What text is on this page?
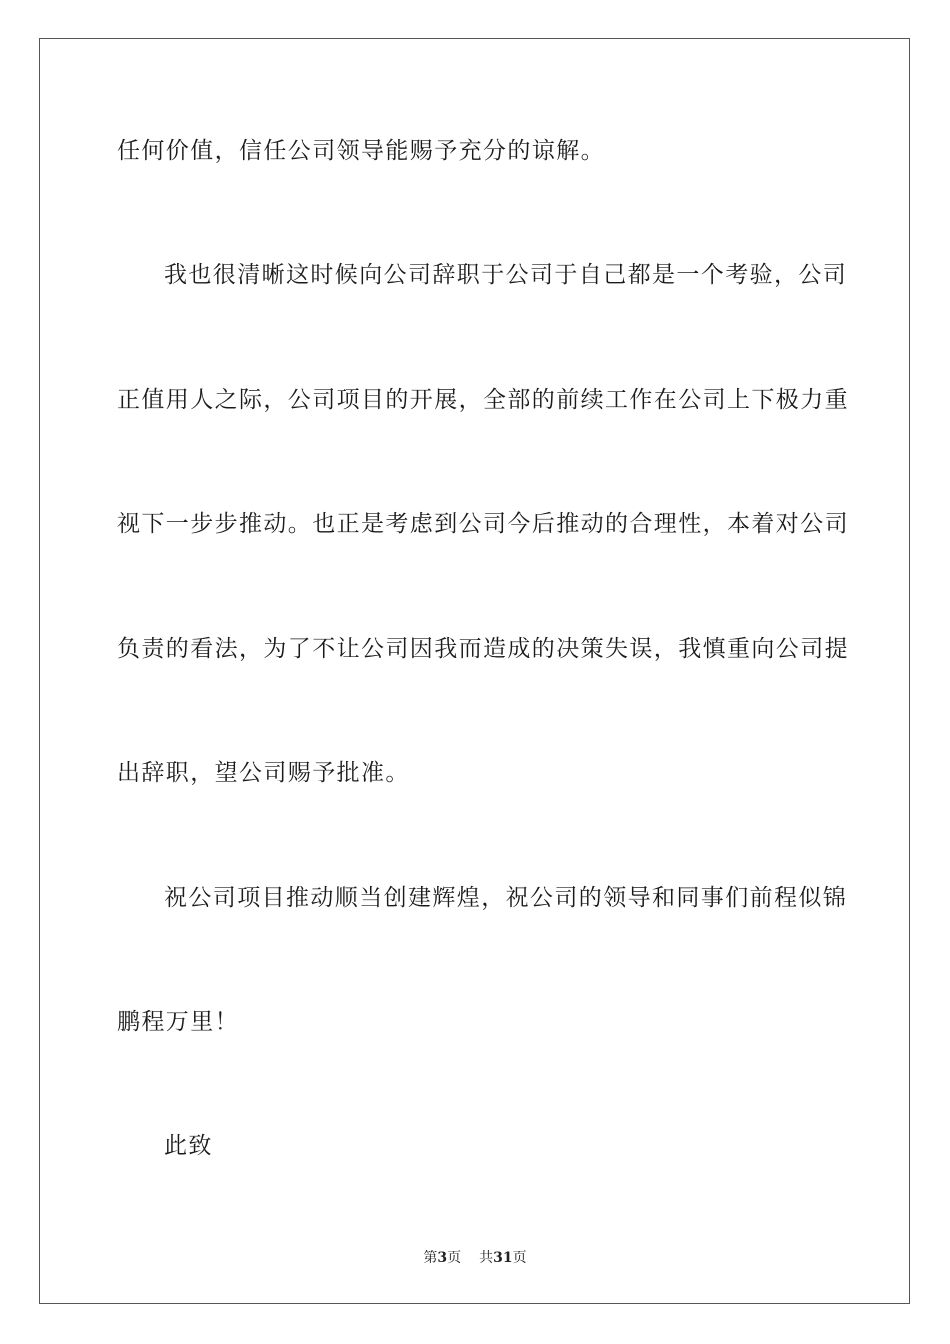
任何价值，信任公司领导能赐予充分的谅解。
我也很清晰这时候向公司辞职于公司于自己都是一个考验，公司
正值用人之际，公司项目的开展，全部的前续工作在公司上下极力重
视下一步步推动。也正是考虑到公司今后推动的合理性，本着对公司
负责的看法，为了不让公司因我而造成的决策失误，我慎重向公司提
出辞职，望公司赐予批准。
祝公司项目推动顺当创建辉煌，祝公司的领导和同事们前程似锦
鹏程万里！
此致
第3页 共31页
